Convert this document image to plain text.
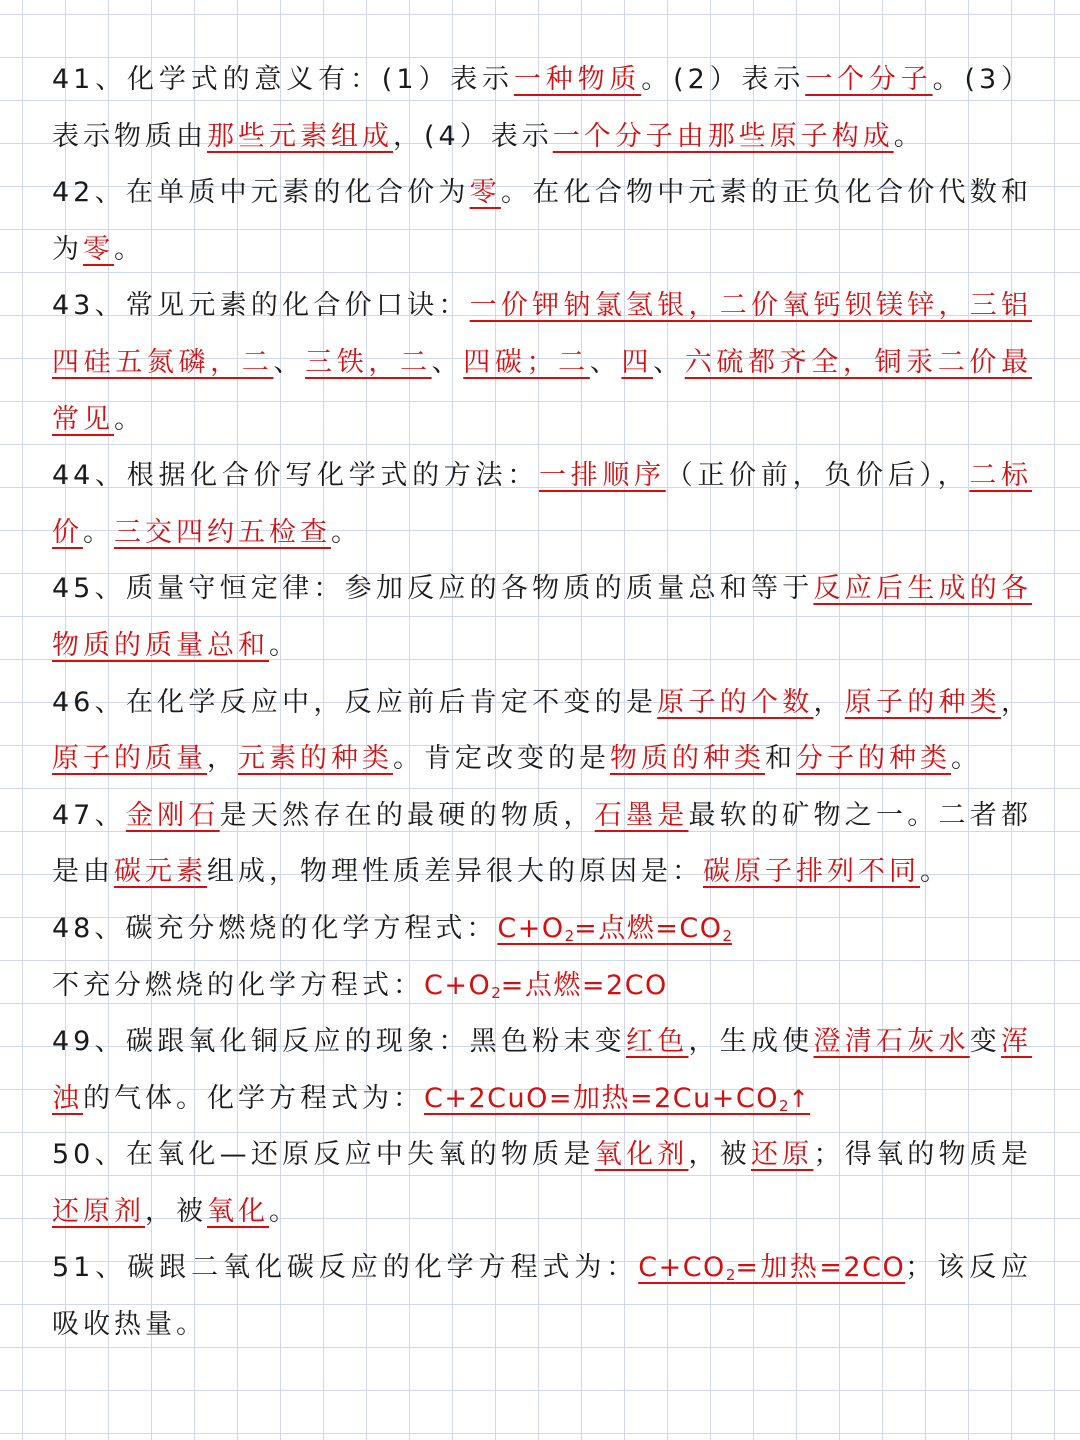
41、化学式的意义有：(1）表示一种物质。(2）表示一个分子。(3）表示物质由那些元素组成，(4）表示一个分子由那些原子构成。

42、在单质中元素的化合价为零。在化合物中元素的正负化合价代数和为零。

43、常见元素的化合价口诀：一价钾钠氯氢银，二价氧钙钡镁锌，三铝四硅五氮磷，二、三铁，二、四碳；二、四、六硫都齐全，铜汞二价最常见。

44、根据化合价写化学式的方法：一排顺序（正价前，负价后），二标价。三交四约五检查。

45、质量守恒定律：参加反应的各物质的质量总和等于反应后生成的各物质的质量总和。

46、在化学反应中，反应前后肯定不变的是原子的个数，原子的种类，原子的质量，元素的种类。肯定改变的是物质的种类和分子的种类。

47、金刚石是天然存在的最硬的物质，石墨是最软的矿物之一。二者都是由碳元素组成，物理性质差异很大的原因是：碳原子排列不同。

48、碳充分燃烧的化学方程式：$C+O_2=$点燃$=CO_2$

不充分燃烧的化学方程式：$C+O_2=$点燃=2CO

49、碳跟氧化铜反应的现象：黑色粉末变红色，生成使澄清石灰水变浑浊的气体。化学方程式为：C+2CuO=加热$=2Cu+CO_2↑$

50、在氧化—还原反应中失氧的物质是氧化剂，被还原；得氧的物质是还原剂，被氧化。

51、碳跟二氧化碳反应的化学方程式为：$C+CO_2=$加热=2CO；该反应吸收热量。
